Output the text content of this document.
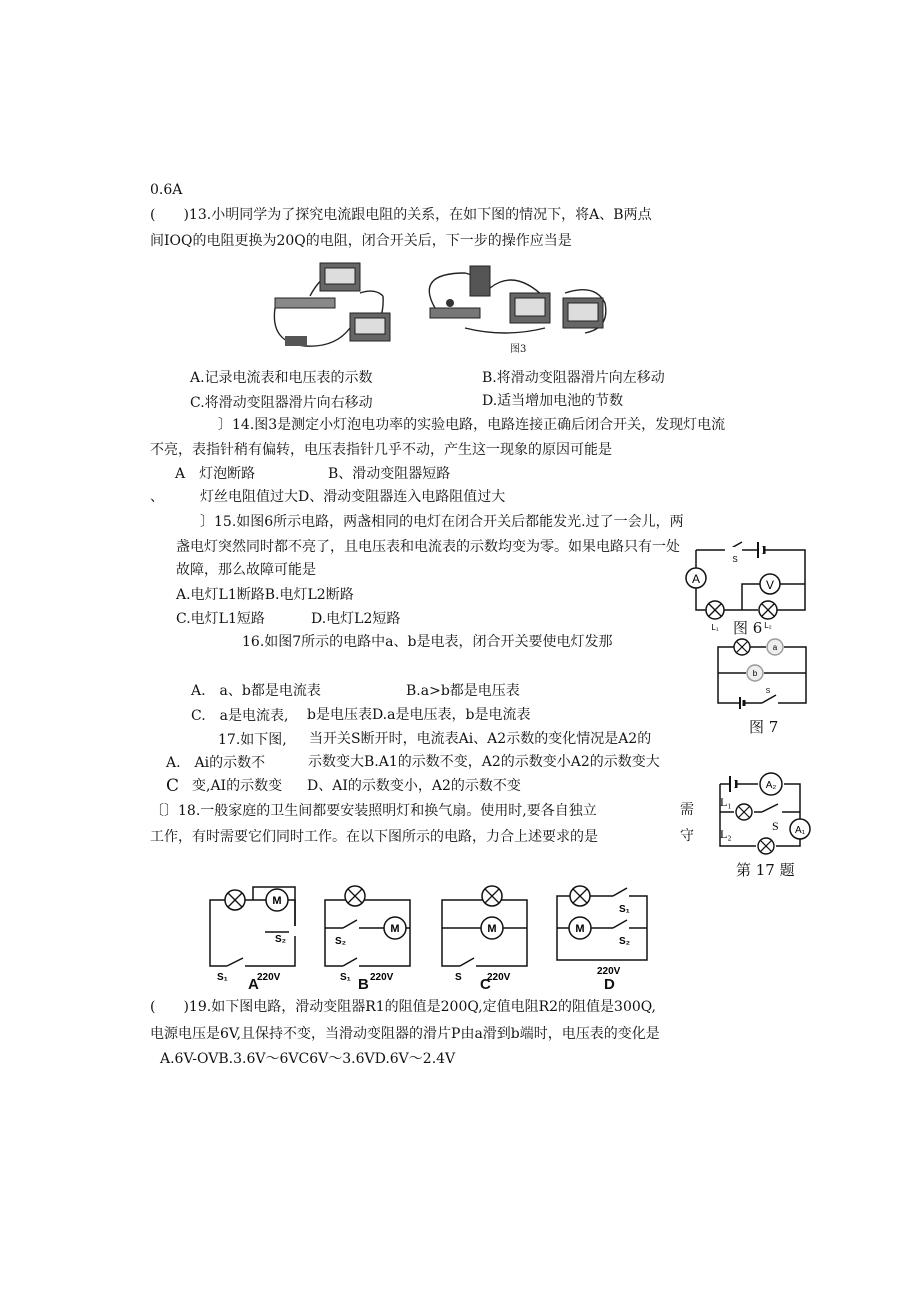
0.6A
(　　)13.小明同学为了探究电流跟电阻的关系，在如下图的情况下，将A、B两点
间IOQ的电阻更换为20Q的电阻，闭合开关后，下一步的操作应当是
图3
A.记录电流表和电压表的示数	B.将滑动变阻器滑片向左移动
C.将滑动变阻器滑片向右移动	D.适当增加电池的节数
〕14.图3是测定小灯泡电功率的实验电路，电路连接正确后闭合开关，发现灯电流
不亮，表指针稍有偏转，电压表指针几乎不动，产生这一现象的原因可能是
A　灯泡断路	B、滑动变阻器短路
、	灯丝电阻值过大D、滑动变阻器连入电路阻值过大
〕15.如图6所示电路，两盏相同的电灯在闭合开关后都能发光.过了一会儿，两
盏电灯突然同时都不亮了，且电压表和电流表的示数均变为零。如果电路只有一处
故障，那么故障可能是
A.电灯L1断路B.电灯L2断路
C.电灯L1短路	D.电灯L2短路
16.如图7所示的电路中a、b是电表，闭合开关要使电灯发那
A.　a、b都是电流表	B.a>b都是电压表
C.　a是电流表, b是电压表D.a是电压表，b是电流表
17.如下图, 当开关S断开时，电流表Ai、A2示数的变化情况是A2的
A.　Ai的示数不	示数变大B.A1的示数不变，A2的示数变小A2的示数变大
C 变,AI的示数变 D、AI的示数变小，A2的示数不变
〔〕18.一般家庭的卫生间都要安装照明灯和换气扇。使用时,要各自独立
工作，有时需要它们同时工作。在以下图所示的电路，力合上述要求的是
需
守
(　　)19.如下图电路，滑动变阻器R1的阻值是200Q,定值电阻R2的阻值是300Q,
电源电压是6V,且保持不变，当滑动变阻器的滑片P由a滑到b端时，电压表的变化是
A.6V-OVB.3.6V～6VC6V～3.6VD.6V～2.4V
A	V
S
L₁	L₂
图 6
a
b
S
图 7
A₂
A₁
L₁
L₂
S
第 17 题
M
S₂
S₁	220V
M
S₂
S₁ 220V
M
S	220V
M
S₁
S₂
220V
A	B	C	D
